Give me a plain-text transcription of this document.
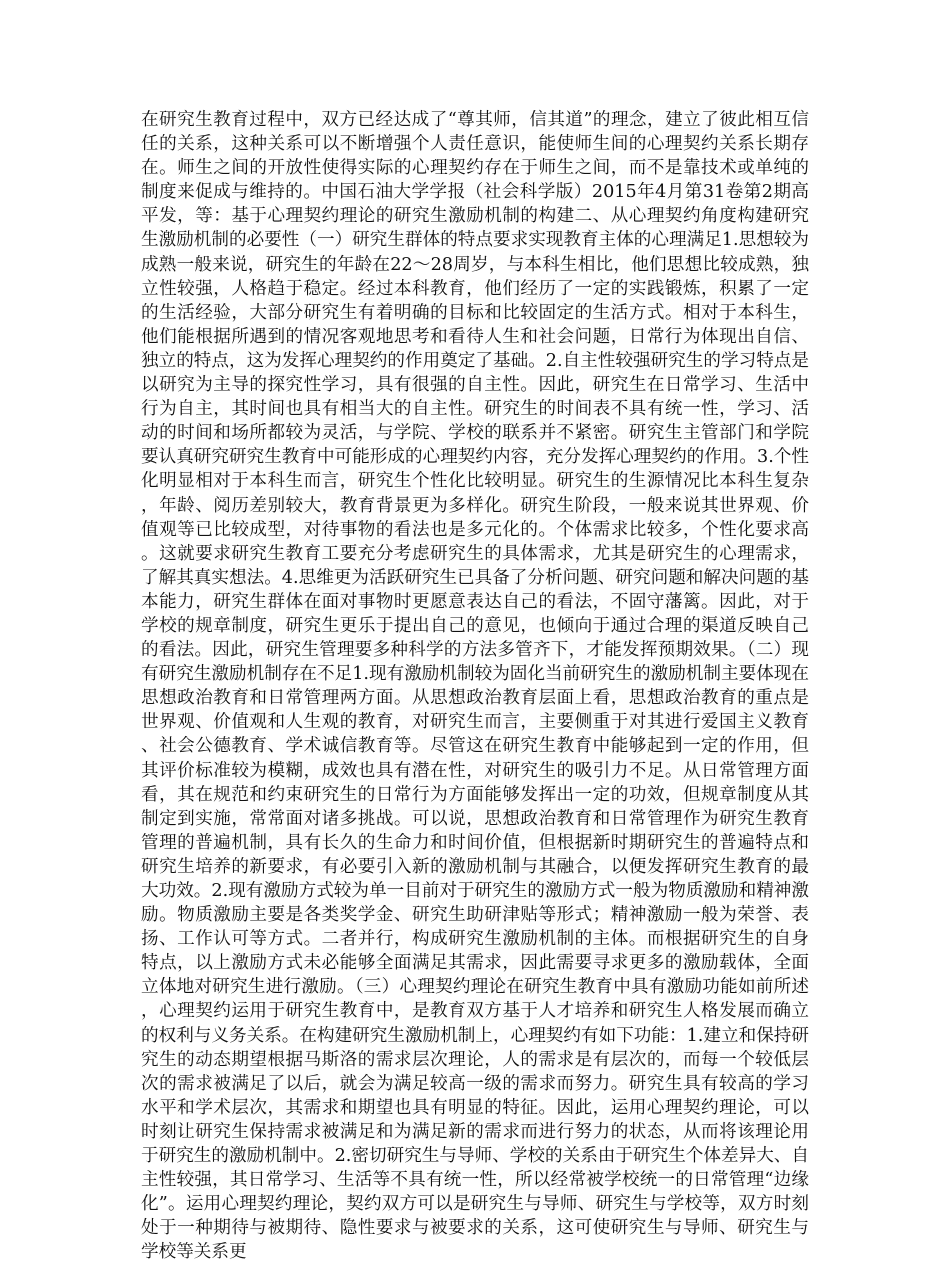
在研究生教育过程中，双方已经达成了“尊其师，信其道”的理念，建立了彼此相互信任的关系，这种关系可以不断增强个人责任意识，能使师生间的心理契约关系长期存在。师生之间的开放性使得实际的心理契约存在于师生之间，而不是靠技术或单纯的制度来促成与维持的。中国石油大学学报（社会科学版）2015年4月第31卷第2期高平发，等：基于心理契约理论的研究生激励机制的构建二、从心理契约角度构建研究生激励机制的必要性（一）研究生群体的特点要求实现教育主体的心理满足1.思想较为成熟一般来说，研究生的年龄在22～28周岁，与本科生相比，他们思想比较成熟，独立性较强，人格趋于稳定。经过本科教育，他们经历了一定的实践锻炼，积累了一定的生活经验，大部分研究生有着明确的目标和比较固定的生活方式。相对于本科生，他们能根据所遇到的情况客观地思考和看待人生和社会问题，日常行为体现出自信、独立的特点，这为发挥心理契约的作用奠定了基础。2.自主性较强研究生的学习特点是以研究为主导的探究性学习，具有很强的自主性。因此，研究生在日常学习、生活中行为自主，其时间也具有相当大的自主性。研究生的时间表不具有统一性，学习、活动的时间和场所都较为灵活，与学院、学校的联系并不紧密。研究生主管部门和学院要认真研究研究生教育中可能形成的心理契约内容，充分发挥心理契约的作用。3.个性化明显相对于本科生而言，研究生个性化比较明显。研究生的生源情况比本科生复杂，年龄、阅历差别较大，教育背景更为多样化。研究生阶段，一般来说其世界观、价值观等已比较成型，对待事物的看法也是多元化的。个体需求比较多，个性化要求高。这就要求研究生教育工要充分考虑研究生的具体需求，尤其是研究生的心理需求，了解其真实想法。4.思维更为活跃研究生已具备了分析问题、研究问题和解决问题的基本能力，研究生群体在面对事物时更愿意表达自己的看法，不固守藩篱。因此，对于学校的规章制度，研究生更乐于提出自己的意见，也倾向于通过合理的渠道反映自己的看法。因此，研究生管理要多种科学的方法多管齐下，才能发挥预期效果。（二）现有研究生激励机制存在不足1.现有激励机制较为固化当前研究生的激励机制主要体现在思想政治教育和日常管理两方面。从思想政治教育层面上看，思想政治教育的重点是世界观、价值观和人生观的教育，对研究生而言，主要侧重于对其进行爱国主义教育、社会公德教育、学术诚信教育等。尽管这在研究生教育中能够起到一定的作用，但其评价标准较为模糊，成效也具有潜在性，对研究生的吸引力不足。从日常管理方面看，其在规范和约束研究生的日常行为方面能够发挥出一定的功效，但规章制度从其制定到实施，常常面对诸多挑战。可以说，思想政治教育和日常管理作为研究生教育管理的普遍机制，具有长久的生命力和时间价值，但根据新时期研究生的普遍特点和研究生培养的新要求，有必要引入新的激励机制与其融合，以便发挥研究生教育的最大功效。2.现有激励方式较为单一目前对于研究生的激励方式一般为物质激励和精神激励。物质激励主要是各类奖学金、研究生助研津贴等形式；精神激励一般为荣誉、表扬、工作认可等方式。二者并行，构成研究生激励机制的主体。而根据研究生的自身特点，以上激励方式未必能够全面满足其需求，因此需要寻求更多的激励载体，全面立体地对研究生进行激励。（三）心理契约理论在研究生教育中具有激励功能如前所述，心理契约运用于研究生教育中，是教育双方基于人才培养和研究生人格发展而确立的权利与义务关系。在构建研究生激励机制上，心理契约有如下功能：1.建立和保持研究生的动态期望根据马斯洛的需求层次理论，人的需求是有层次的，而每一个较低层次的需求被满足了以后，就会为满足较高一级的需求而努力。研究生具有较高的学习水平和学术层次，其需求和期望也具有明显的特征。因此，运用心理契约理论，可以时刻让研究生保持需求被满足和为满足新的需求而进行努力的状态，从而将该理论用于研究生的激励机制中。2.密切研究生与导师、学校的关系由于研究生个体差异大、自主性较强，其日常学习、生活等不具有统一性，所以经常被学校统一的日常管理“边缘化”。运用心理契约理论，契约双方可以是研究生与导师、研究生与学校等，双方时刻处于一种期待与被期待、隐性要求与被要求的关系，这可使研究生与导师、研究生与学校等关系更
